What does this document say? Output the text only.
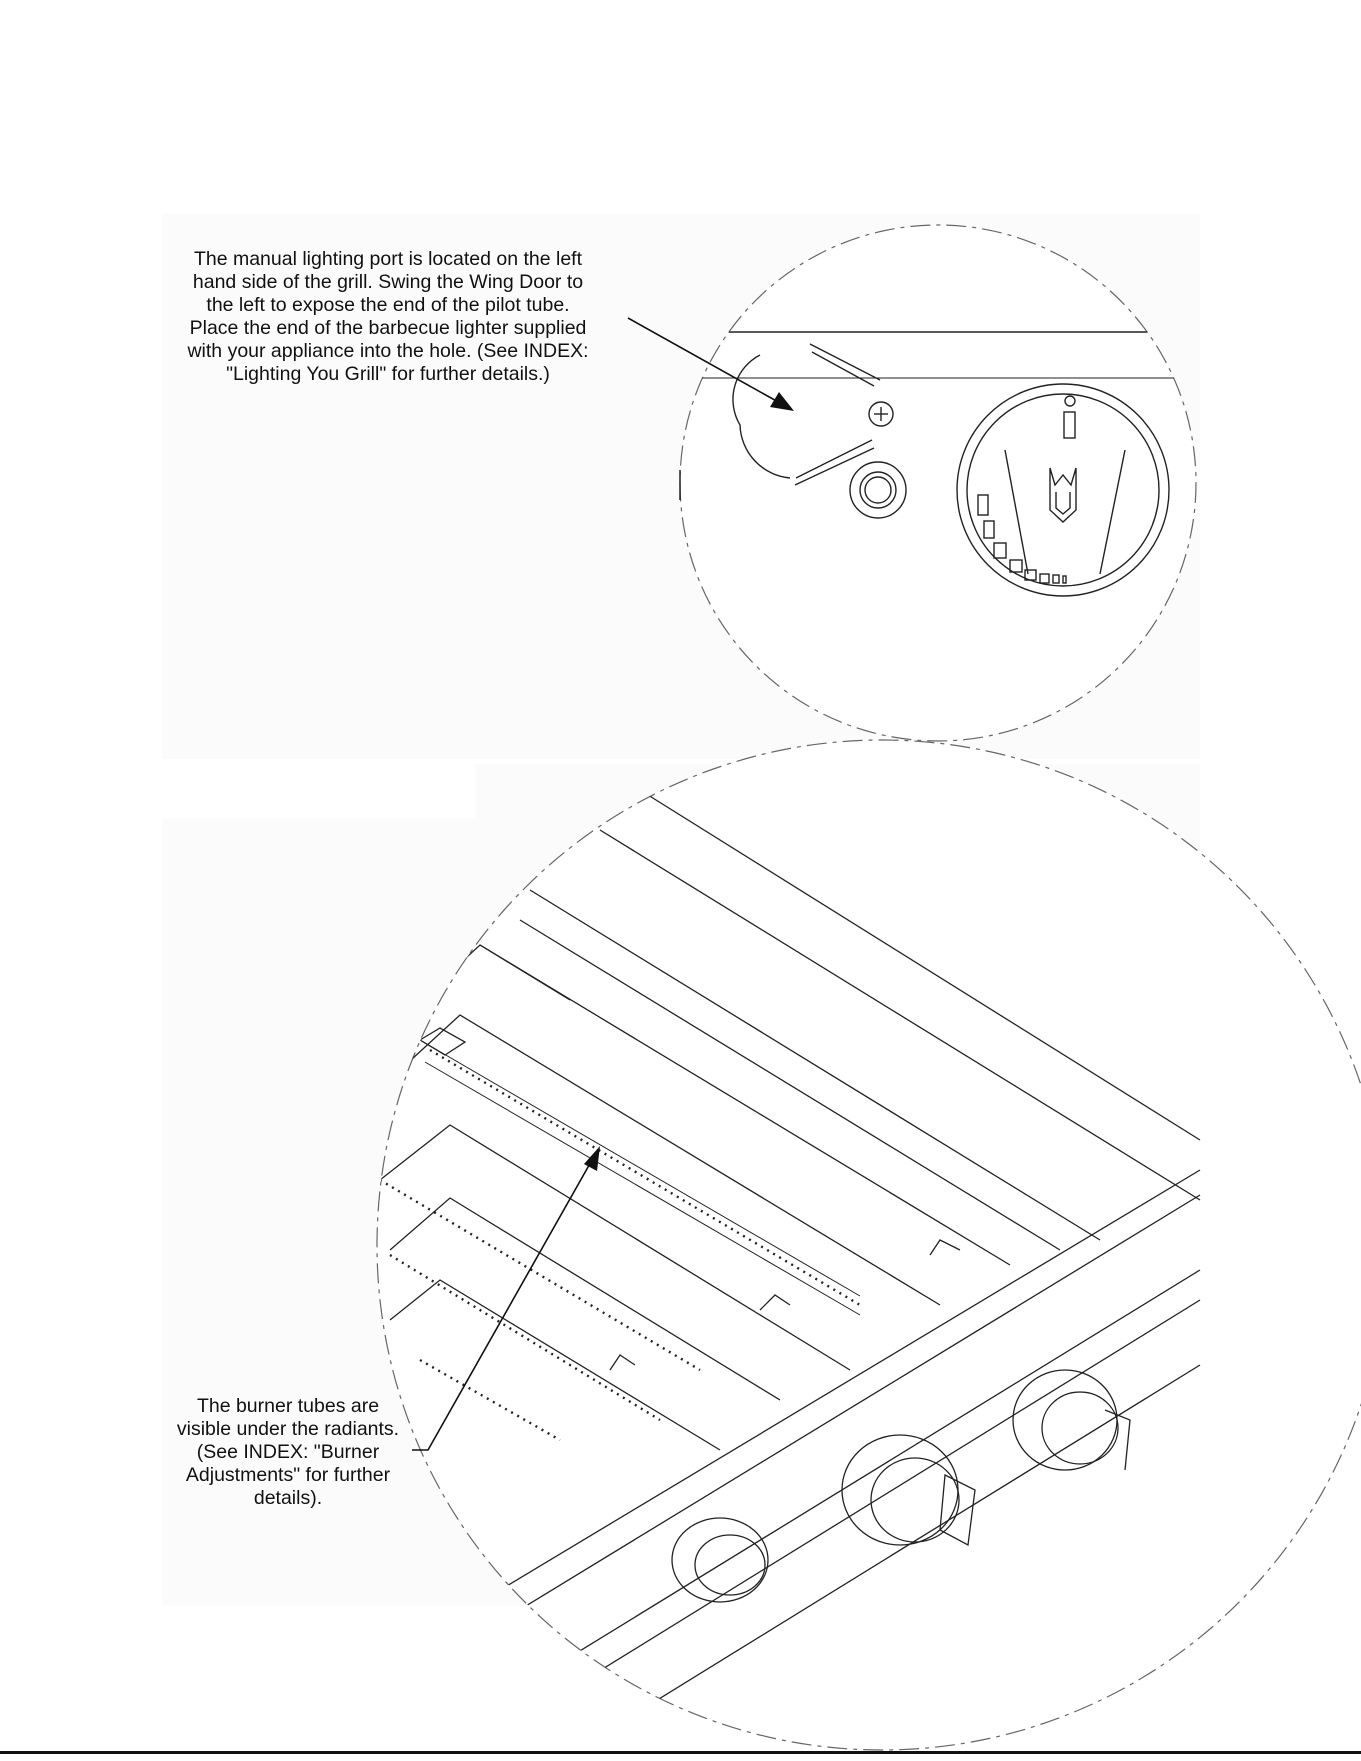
The manual lighting port is located on the left
hand side of the grill. Swing the Wing Door to
the left to expose the end of the pilot tube.
Place the end of the barbecue lighter supplied
with your appliance into the hole. (See INDEX:
"Lighting You Grill" for further details.)
The burner tubes are
visible under the radiants.
(See INDEX: "Burner
Adjustments" for further
details).
